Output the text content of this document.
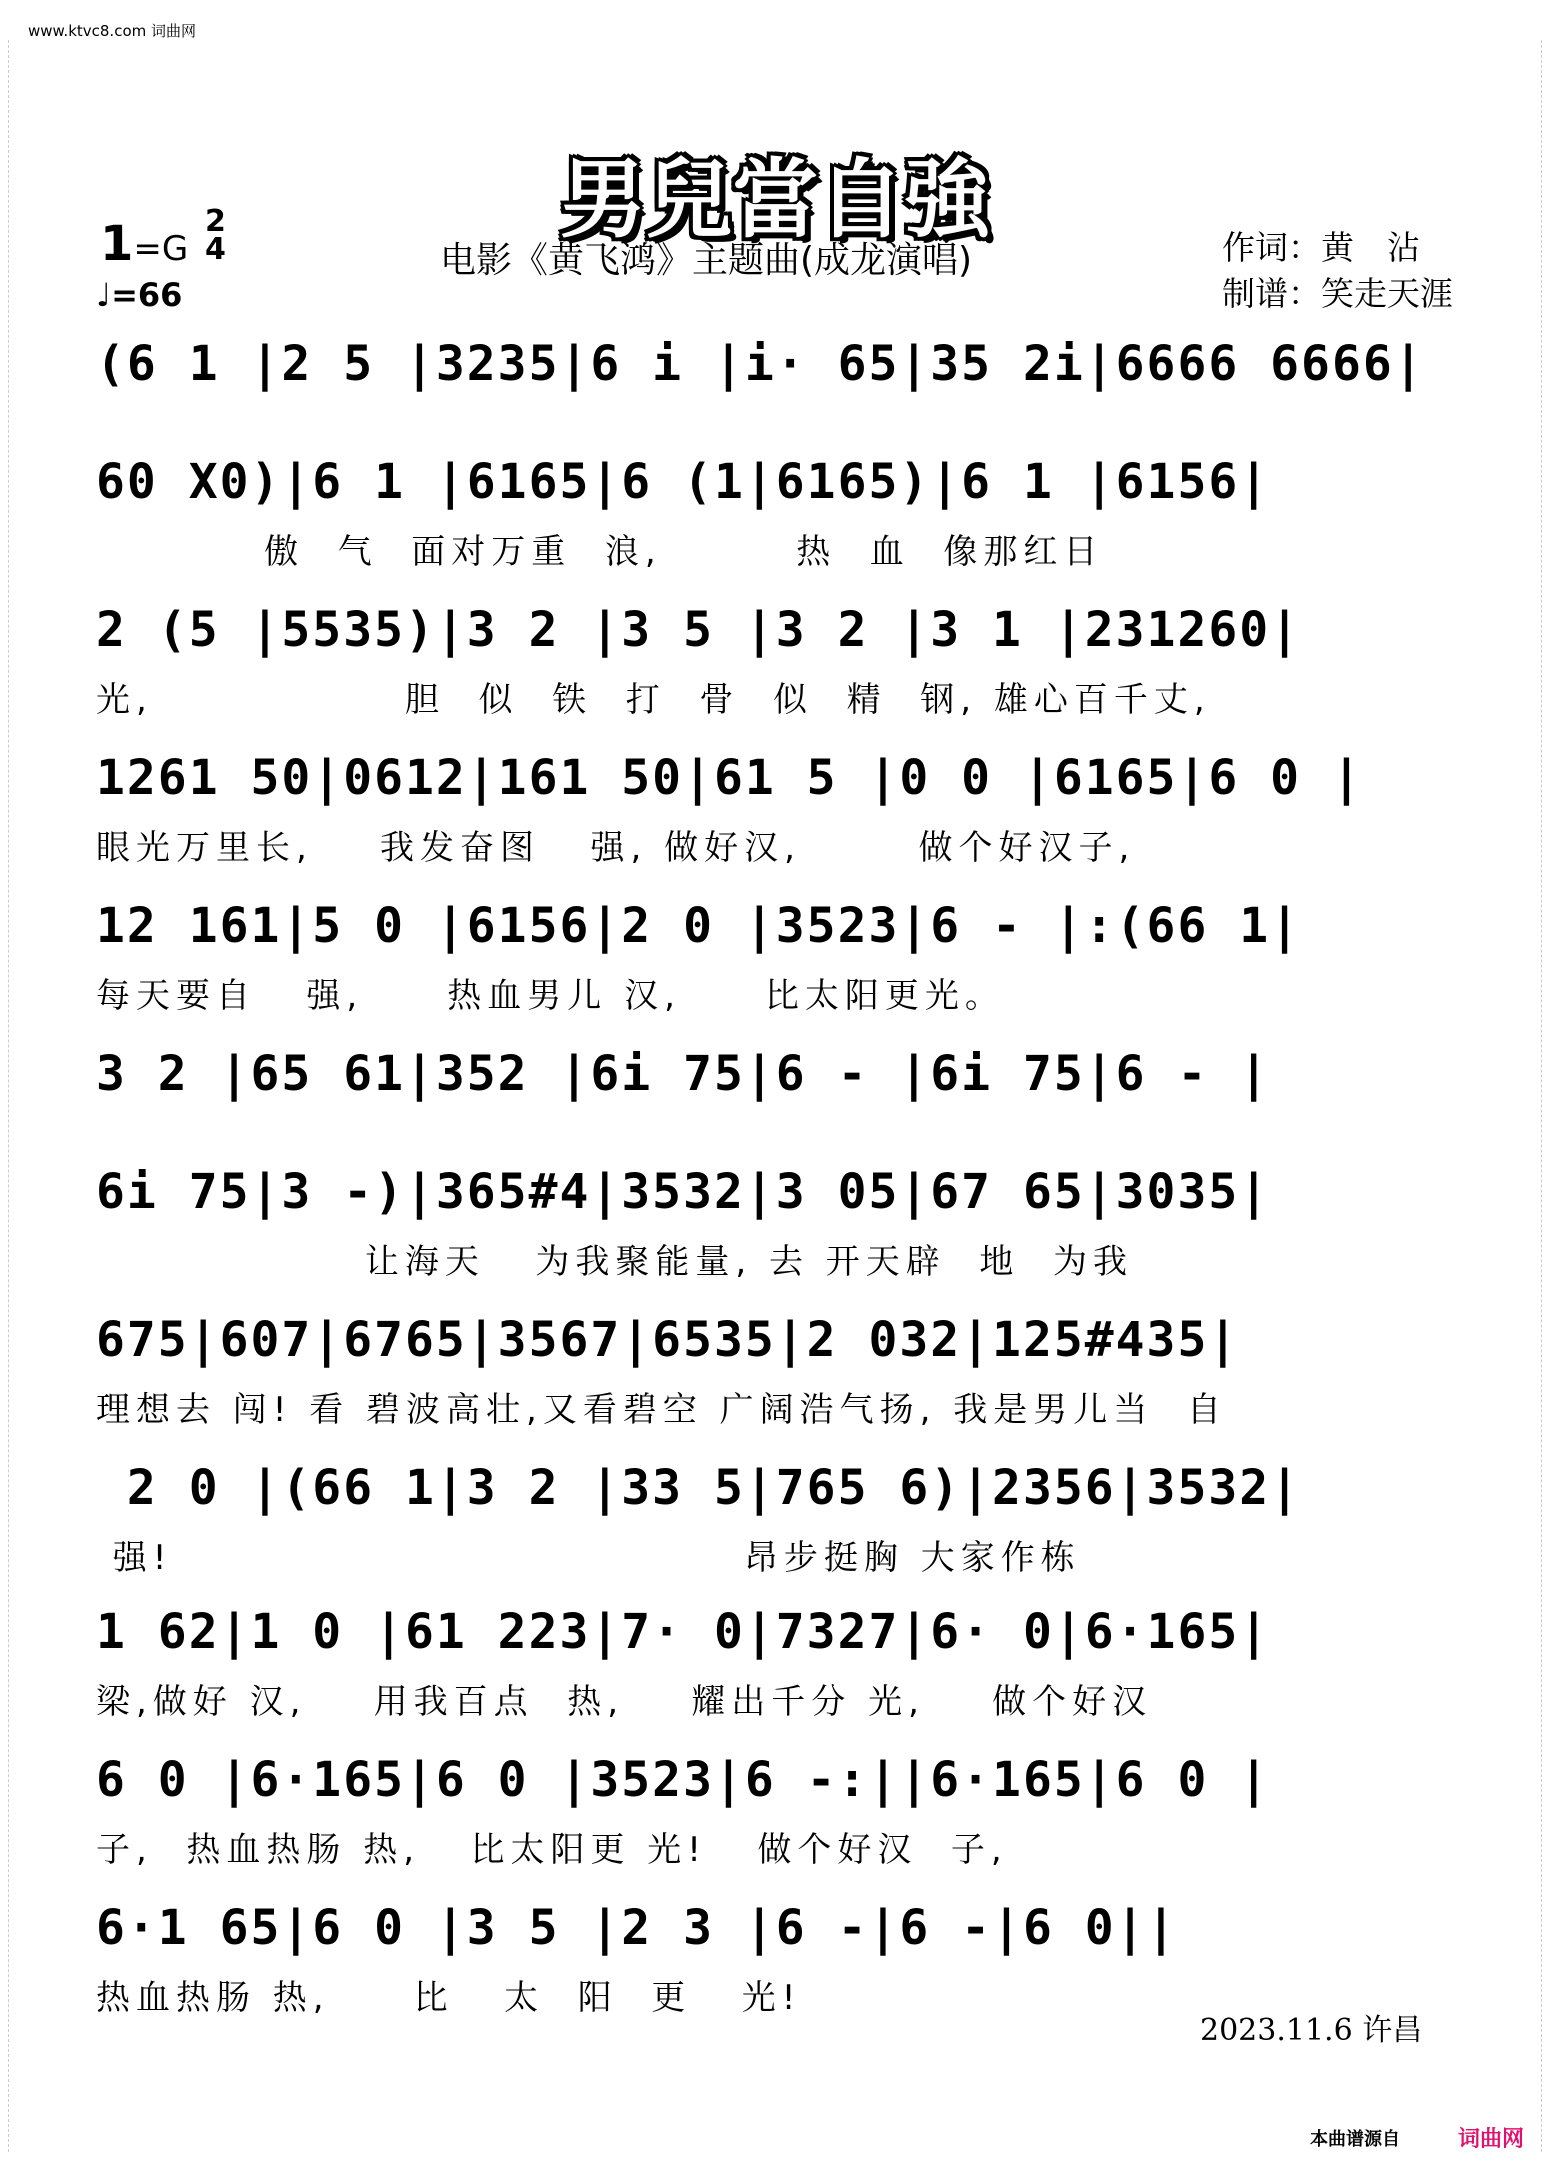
www.ktvc8.com 词曲网
男兒當自強
电影《黄飞鸿》主题曲(成龙演唱)	作词：黄　沾
制谱：笑走天涯
1=G
2
4
♩=66
(6 1 |2 5 |3235|6 i |i· 65|35 2i|6666 6666|
60 X0)|6 1 |6165|6 (1|6165)|6 1 |6156|
傲  气  面对万重  浪,        热  血  像那红日
2 (5 |5535)|3 2 |3 5 |3 2 |3 1 |231260|
光,               胆  似  铁  打  骨  似  精  钢, 雄心百千丈,
1261 50|0612|161 50|61 5 |0 0 |6165|6 0 |
眼光万里长,    我发奋图   强, 做好汉,       做个好汉子,
12 161|5 0 |6156|2 0 |3523|6 - |:(66 1|
每天要自   强,     热血男儿 汉,     比太阳更光。
3 2 |65 61|352 |6i 75|6 - |6i 75|6 - |
6i 75|3 -)|365#4|3532|3 05|67 65|3035|
让海天   为我聚能量, 去 开天辟  地  为我
675|607|6765|3567|6535|2 032|125#435|
理想去 闯! 看 碧波高壮,又看碧空 广阔浩气扬, 我是男儿当  自
2 0 |(66 1|3 2 |33 5|765 6)|2356|3532|
强!                                  昂步挺胸 大家作栋
1 62|1 0 |61 223|7· 0|7327|6· 0|6·165|
梁,做好 汉,    用我百点  热,    耀出千分 光,    做个好汉
6 0 |6·165|6 0 |3523|6 -:||6·165|6 0 |
子,  热血热肠 热,   比太阳更 光!   做个好汉  子,
6·1 65|6 0 |3 5 |2 3 |6 -|6 -|6 0||
热血热肠 热,     比   太  阳  更   光!
2023.11.6 许昌
本曲谱源自	词曲网
